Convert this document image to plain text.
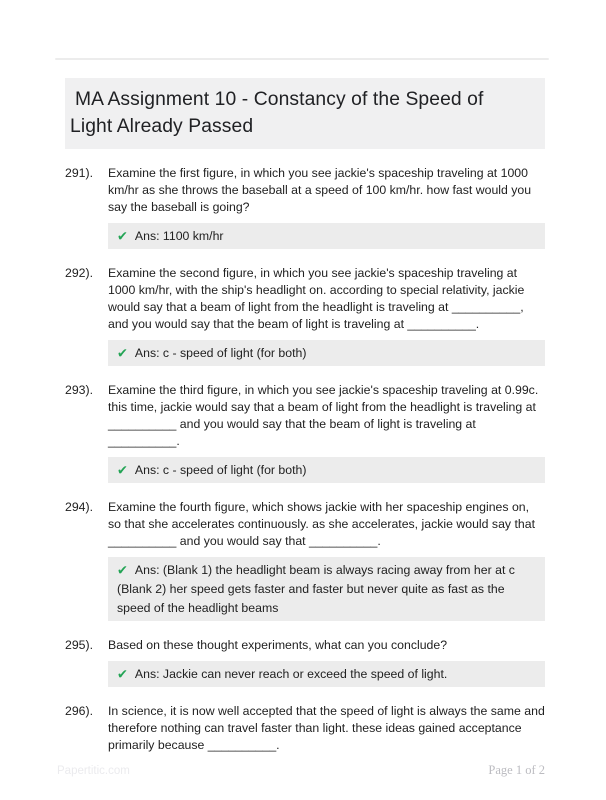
MA Assignment 10 - Constancy of the Speed of Light Already Passed
291).	Examine the first figure, in which you see jackie's spaceship traveling at 1000 km/hr as she throws the baseball at a speed of 100 km/hr. how fast would you say the baseball is going?
✔ Ans: 1100 km/hr
292).	Examine the second figure, in which you see jackie's spaceship traveling at 1000 km/hr, with the ship's headlight on. according to special relativity, jackie would say that a beam of light from the headlight is traveling at __________, and you would say that the beam of light is traveling at __________.
✔ Ans: c - speed of light (for both)
293).	Examine the third figure, in which you see jackie's spaceship traveling at 0.99c. this time, jackie would say that a beam of light from the headlight is traveling at __________ and you would say that the beam of light is traveling at __________.
✔ Ans: c - speed of light (for both)
294).	Examine the fourth figure, which shows jackie with her spaceship engines on, so that she accelerates continuously. as she accelerates, jackie would say that __________ and you would say that __________.
✔ Ans: (Blank 1) the headlight beam is always racing away from her at c
(Blank 2) her speed gets faster and faster but never quite as fast as the speed of the headlight beams
295).	Based on these thought experiments, what can you conclude?
✔ Ans: Jackie can never reach or exceed the speed of light.
296).	In science, it is now well accepted that the speed of light is always the same and therefore nothing can travel faster than light. these ideas gained acceptance primarily because __________.
Papertitic.com	Page 1 of 2
